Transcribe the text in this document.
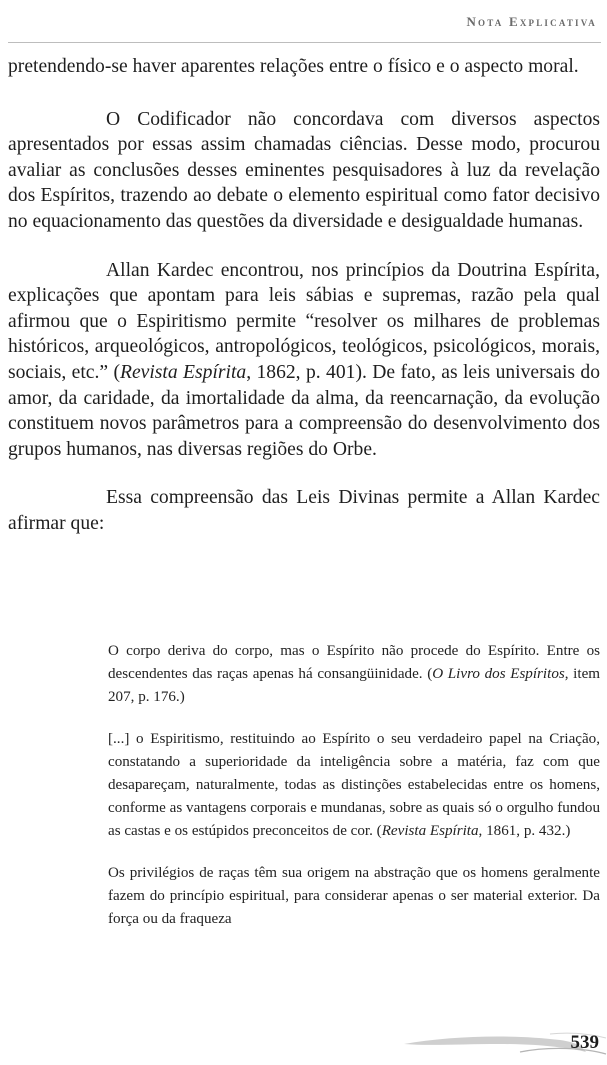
Nota Explicativa

pretendendo-se haver aparentes relações entre o físico e o aspecto moral.

O Codificador não concordava com diversos aspectos apresentados por essas assim chamadas ciências. Desse modo, procurou avaliar as conclusões desses eminentes pesquisadores à luz da revelação dos Espíritos, trazendo ao debate o elemento espiritual como fator decisivo no equacionamento das questões da diversidade e desigualdade humanas.

Allan Kardec encontrou, nos princípios da Doutrina Espírita, explicações que apontam para leis sábias e supremas, razão pela qual afirmou que o Espiritismo permite “resolver os milhares de problemas históricos, arqueológicos, antropológicos, teológicos, psicológicos, morais, sociais, etc.” (Revista Espírita, 1862, p. 401). De fato, as leis universais do amor, da caridade, da imortalidade da alma, da reencarnação, da evolução constituem novos parâmetros para a compreensão do desenvolvimento dos grupos humanos, nas diversas regiões do Orbe.

Essa compreensão das Leis Divinas permite a Allan Kardec afirmar que:

O corpo deriva do corpo, mas o Espírito não procede do Espírito. Entre os descendentes das raças apenas há consangüinidade. (O Livro dos Espíritos, item 207, p. 176.)

[...] o Espiritismo, restituindo ao Espírito o seu verdadeiro papel na Criação, constatando a superioridade da inteligência sobre a matéria, faz com que desapareçam, naturalmente, todas as distinções estabelecidas entre os homens, conforme as vantagens corporais e mundanas, sobre as quais só o orgulho fundou as castas e os estúpidos preconceitos de cor. (Revista Espírita, 1861, p. 432.)

Os privilégios de raças têm sua origem na abstração que os homens geralmente fazem do princípio espiritual, para considerar apenas o ser material exterior. Da força ou da fraqueza

539
